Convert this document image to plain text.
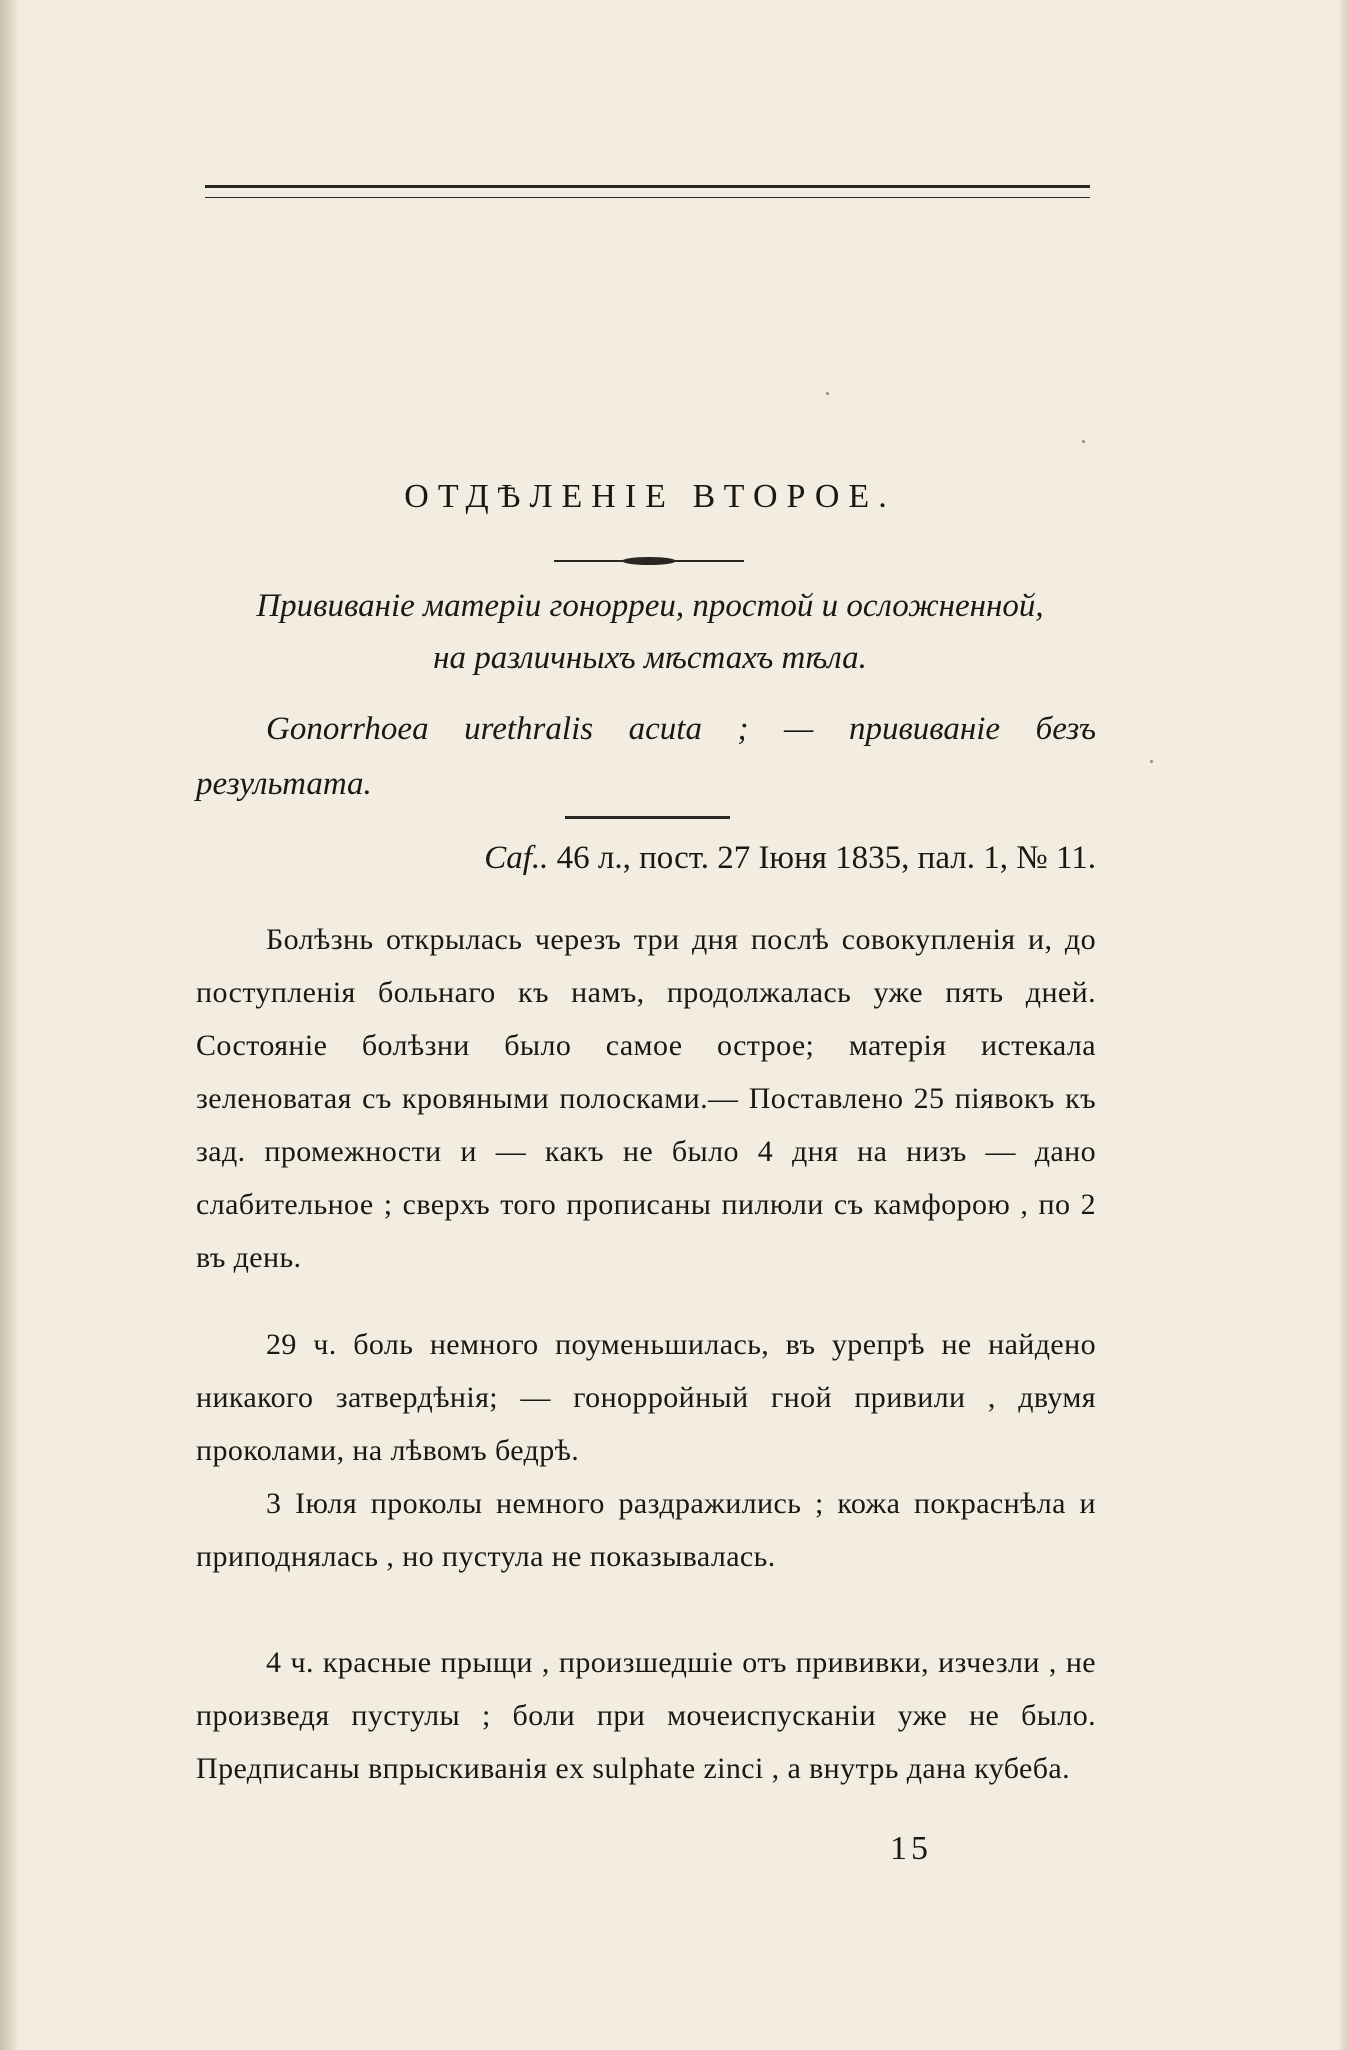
ОТДѢЛЕНІЕ ВТОРОЕ.
Прививаніе матеріи гонорреи, простой и осложненной,
на различныхъ мѣстахъ тѣла.
Gonorrhoea urethralis acuta ; — прививаніе безъ результата.
Caf.. 46 л., пост. 27 Іюня 1835, пал. 1, № 11.
Болѣзнь открылась черезъ три дня послѣ совокупленія и, до поступленія больнаго къ намъ, продолжалась уже пять дней. Состояніе болѣзни было самое острое; матерія истекала зеленоватая съ кровяными полосками.— Поставлено 25 піявокъ къ зад. промежности и — какъ не было 4 дня на низъ — дано слабительное ; сверхъ того прописаны пилюли съ камфорою , по 2 въ день.
29 ч. боль немного поуменьшилась, въ урепрѣ не найдено никакого затвердѣнія; — гонорройный гной привили , двумя проколами, на лѣвомъ бедрѣ.
3 Іюля проколы немного раздражились ; кожа покраснѣла и приподнялась , но пустула не показывалась.
4 ч. красные прыщи , произшедшіе отъ прививки, изчезли , не произведя пустулы ; боли при мочеиспусканіи уже не было. Предписаны впрыскиванія ex sulphate zinci , а внутрь дана кубеба.
15
